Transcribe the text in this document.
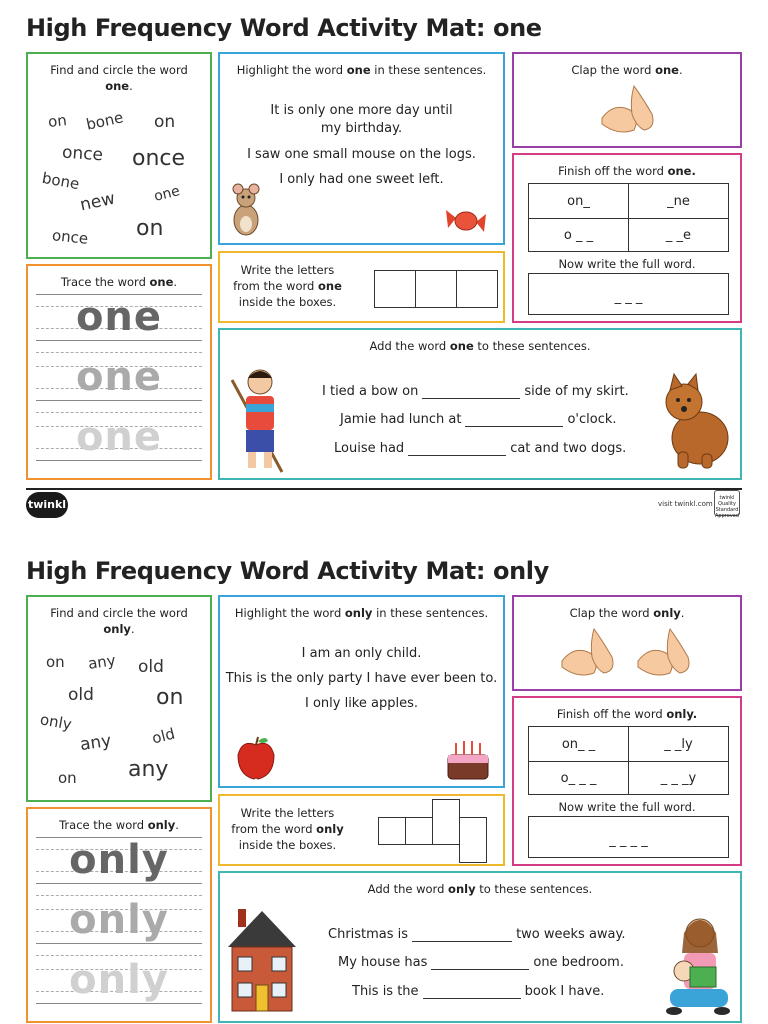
High Frequency Word Activity Mat: one
Find and circle the word one.
on bone on
once once
bone
new	one
once on
Highlight the word one in these sentences.
It is only one more day until
my birthday.
I saw one small mouse on the logs.
I only had one sweet left.
Clap the word one.
Finish off the word one.
on_	_ne
o _ _	_ _e
Now write the full word.
_ _ _
Trace the word one.
one
one
one
Write the letters
from the word one
inside the boxes.
Add the word one to these sentences.
I tied a bow on	side of my skirt.
Jamie had lunch at	o'clock.
Louise had	cat and two dogs.
twinkl	visit twinkl.com
twinkl Quality Standard Approved
High Frequency Word Activity Mat: only
Find and circle the word only.
on any old
old	on
only
any	old
on any
Highlight the word only in these sentences.
I am an only child.
This is the only party I have ever been to.
I only like apples.
Clap the word only.
Finish off the word only.
on_ _	_ _ly
o_ _ _	_ _ _y
Now write the full word.
_ _ _ _
Trace the word only.
only
only
only
Write the letters
from the word only
inside the boxes.
Add the word only to these sentences.
Christmas is	two weeks away.
My house has	one bedroom.
This is the	book I have.
